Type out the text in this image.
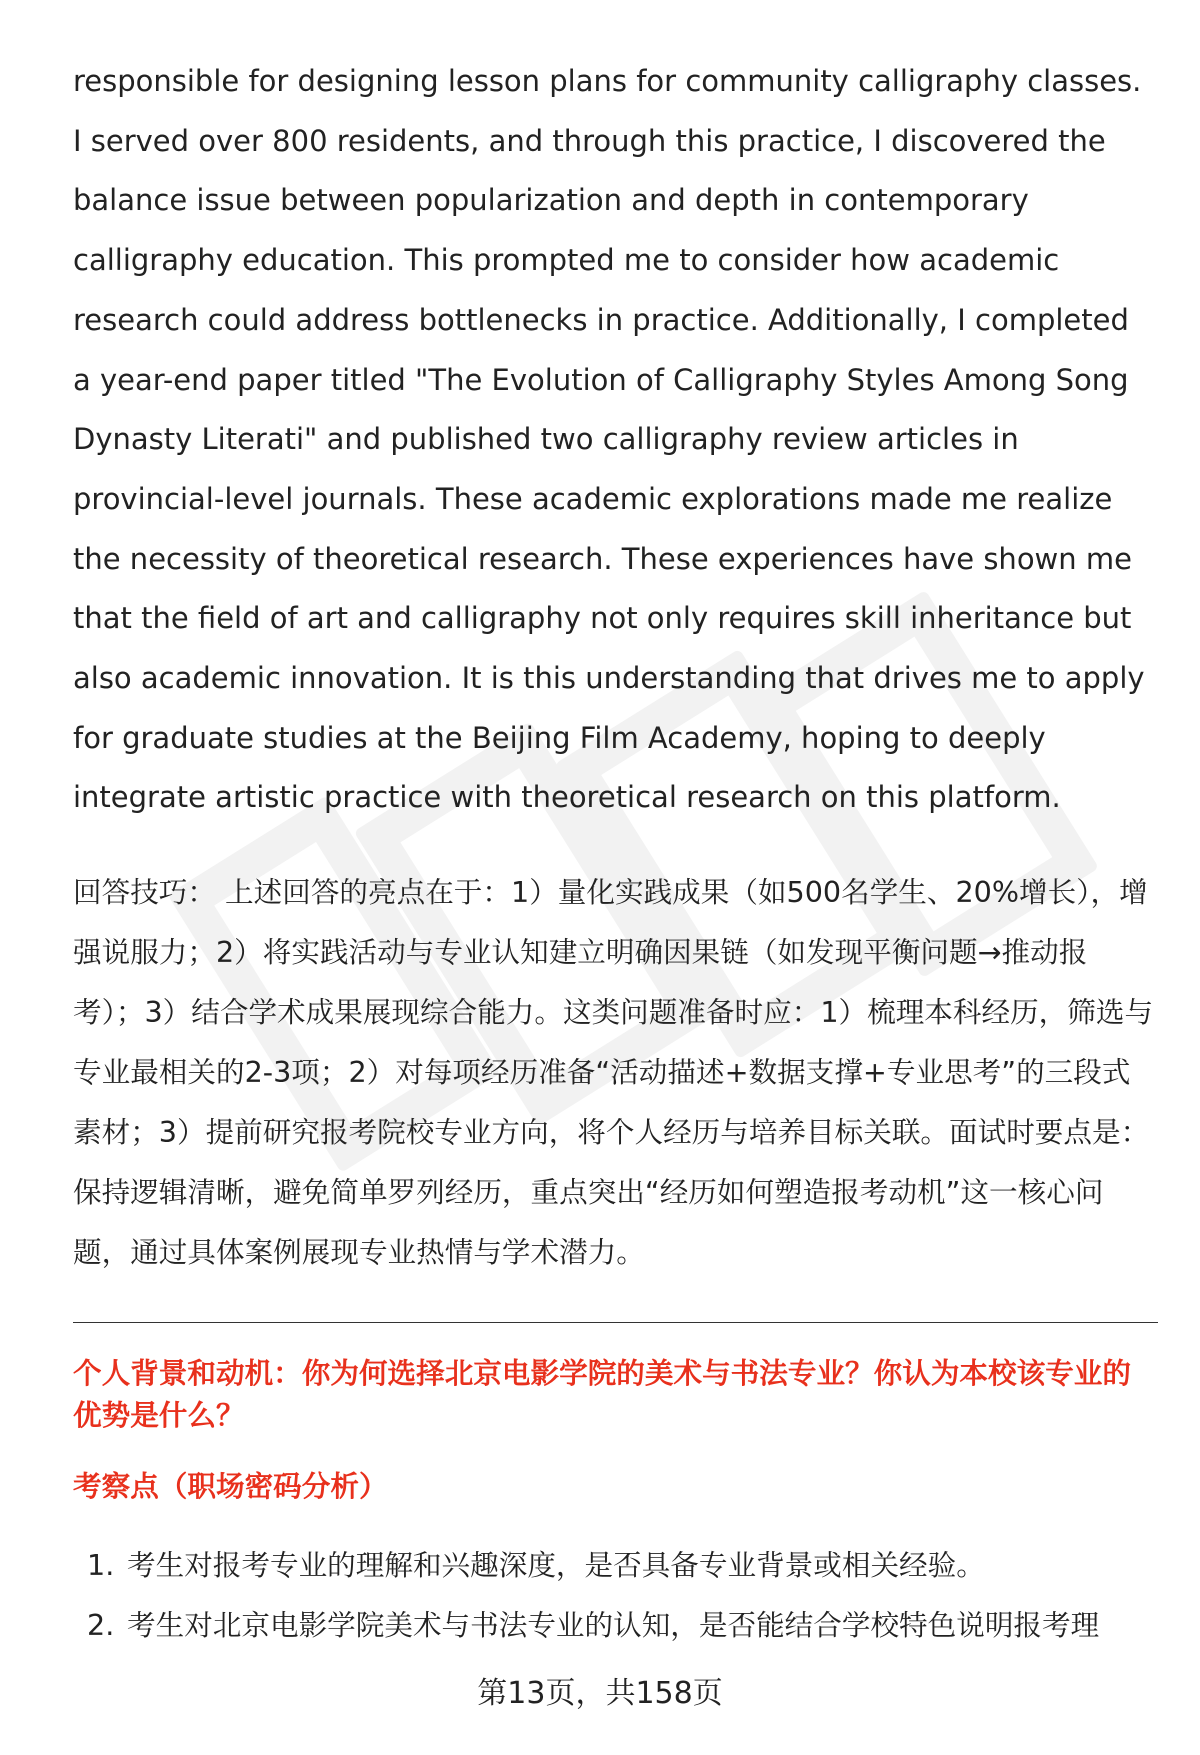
responsible for designing lesson plans for community calligraphy classes. I served over 800 residents, and through this practice, I discovered the balance issue between popularization and depth in contemporary calligraphy education. This prompted me to consider how academic research could address bottlenecks in practice. Additionally, I completed a year-end paper titled "The Evolution of Calligraphy Styles Among Song Dynasty Literati" and published two calligraphy review articles in provincial-level journals. These academic explorations made me realize the necessity of theoretical research. These experiences have shown me that the field of art and calligraphy not only requires skill inheritance but also academic innovation. It is this understanding that drives me to apply for graduate studies at the Beijing Film Academy, hoping to deeply integrate artistic practice with theoretical research on this platform.

回答技巧： 上述回答的亮点在于：1）量化实践成果（如500名学生、20%增长），增强说服力；2）将实践活动与专业认知建立明确因果链（如发现平衡问题→推动报考）；3）结合学术成果展现综合能力。这类问题准备时应：1）梳理本科经历，筛选与专业最相关的2-3项；2）对每项经历准备“活动描述+数据支撑+专业思考”的三段式素材；3）提前研究报考院校专业方向，将个人经历与培养目标关联。面试时要点是：保持逻辑清晰，避免简单罗列经历，重点突出“经历如何塑造报考动机”这一核心问题，通过具体案例展现专业热情与学术潜力。

个人背景和动机：你为何选择北京电影学院的美术与书法专业？你认为本校该专业的优势是什么？

考察点（职场密码分析）

1. 考生对报考专业的理解和兴趣深度，是否具备专业背景或相关经验。
2. 考生对北京电影学院美术与书法专业的认知，是否能结合学校特色说明报考理
第13页，共158页
